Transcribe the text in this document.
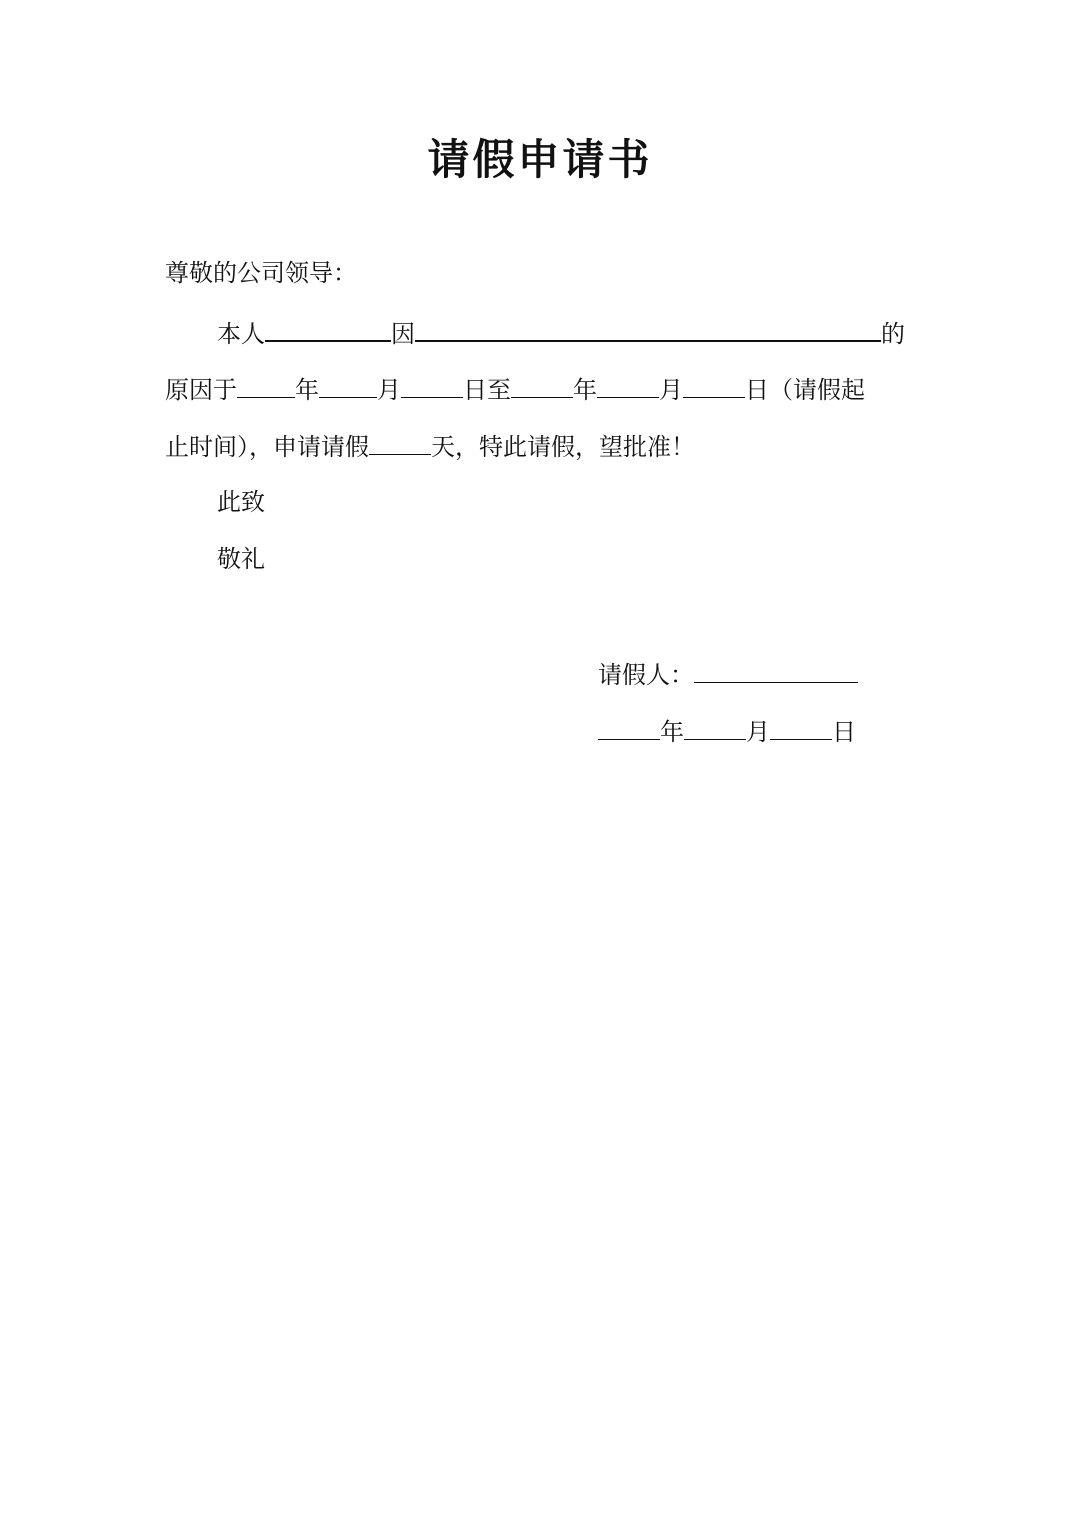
请假申请书
尊敬的公司领导：
本人	因	的
原因于 年 月	日至	年	月	日（请假起
止时间），申请请假	天，特此请假，望批准！
此致
敬礼
请假人：
年	月	日
